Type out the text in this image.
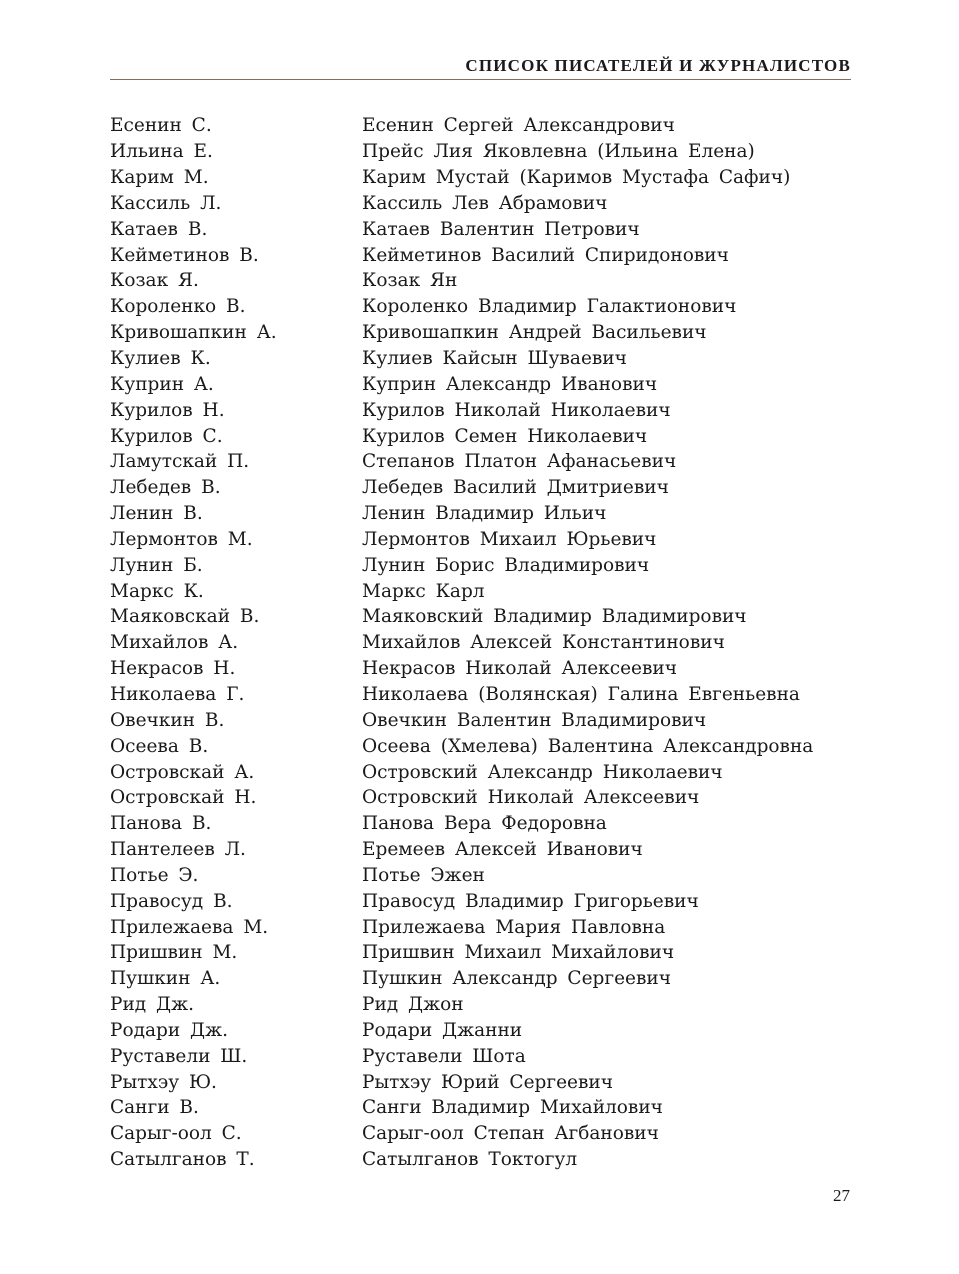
СПИСОК ПИСАТЕЛЕЙ И ЖУРНАЛИСТОВ
Есенин С.	Есенин Сергей Александрович
Ильина Е.	Прейс Лия Яковлевна (Ильина Елена)
Карим М.	Карим Мустай (Каримов Мустафа Сафич)
Кассиль Л.	Кассиль Лев Абрамович
Катаев В.	Катаев Валентин Петрович
Кейметинов В.	Кейметинов Василий Спиридонович
Козак Я.	Козак Ян
Короленко В.	Короленко Владимир Галактионович
Кривошапкин А.	Кривошапкин Андрей Васильевич
Кулиев К.	Кулиев Кайсын Шуваевич
Куприн А.	Куприн Александр Иванович
Курилов Н.	Курилов Николай Николаевич
Курилов С.	Курилов Семен Николаевич
Ламутскай П.	Степанов Платон Афанасьевич
Лебедев В.	Лебедев Василий Дмитриевич
Ленин В.	Ленин Владимир Ильич
Лермонтов М.	Лермонтов Михаил Юрьевич
Лунин Б.	Лунин Борис Владимирович
Маркс К.	Маркс Карл
Маяковскай В.	Маяковский Владимир Владимирович
Михайлов А.	Михайлов Алексей Константинович
Некрасов Н.	Некрасов Николай Алексеевич
Николаева Г.	Николаева (Волянская) Галина Евгеньевна
Овечкин В.	Овечкин Валентин Владимирович
Осеева В.	Осеева (Хмелева) Валентина Александровна
Островскай А.	Островский Александр Николаевич
Островскай Н.	Островский Николай Алексеевич
Панова В.	Панова Вера Федоровна
Пантелеев Л.	Еремеев Алексей Иванович
Потье Э.	Потье Эжен
Правосуд В.	Правосуд Владимир Григорьевич
Прилежаева М.	Прилежаева Мария Павловна
Пришвин М.	Пришвин Михаил Михайлович
Пушкин А.	Пушкин Александр Сергеевич
Рид Дж.	Рид Джон
Родари Дж.	Родари Джанни
Руставели Ш.	Руставели Шота
Рытхэу Ю.	Рытхэу Юрий Сергеевич
Санги В.	Санги Владимир Михайлович
Сарыг-оол С.	Сарыг-оол Степан Агбанович
Сатылганов Т.	Сатылганов Токтогул
27
